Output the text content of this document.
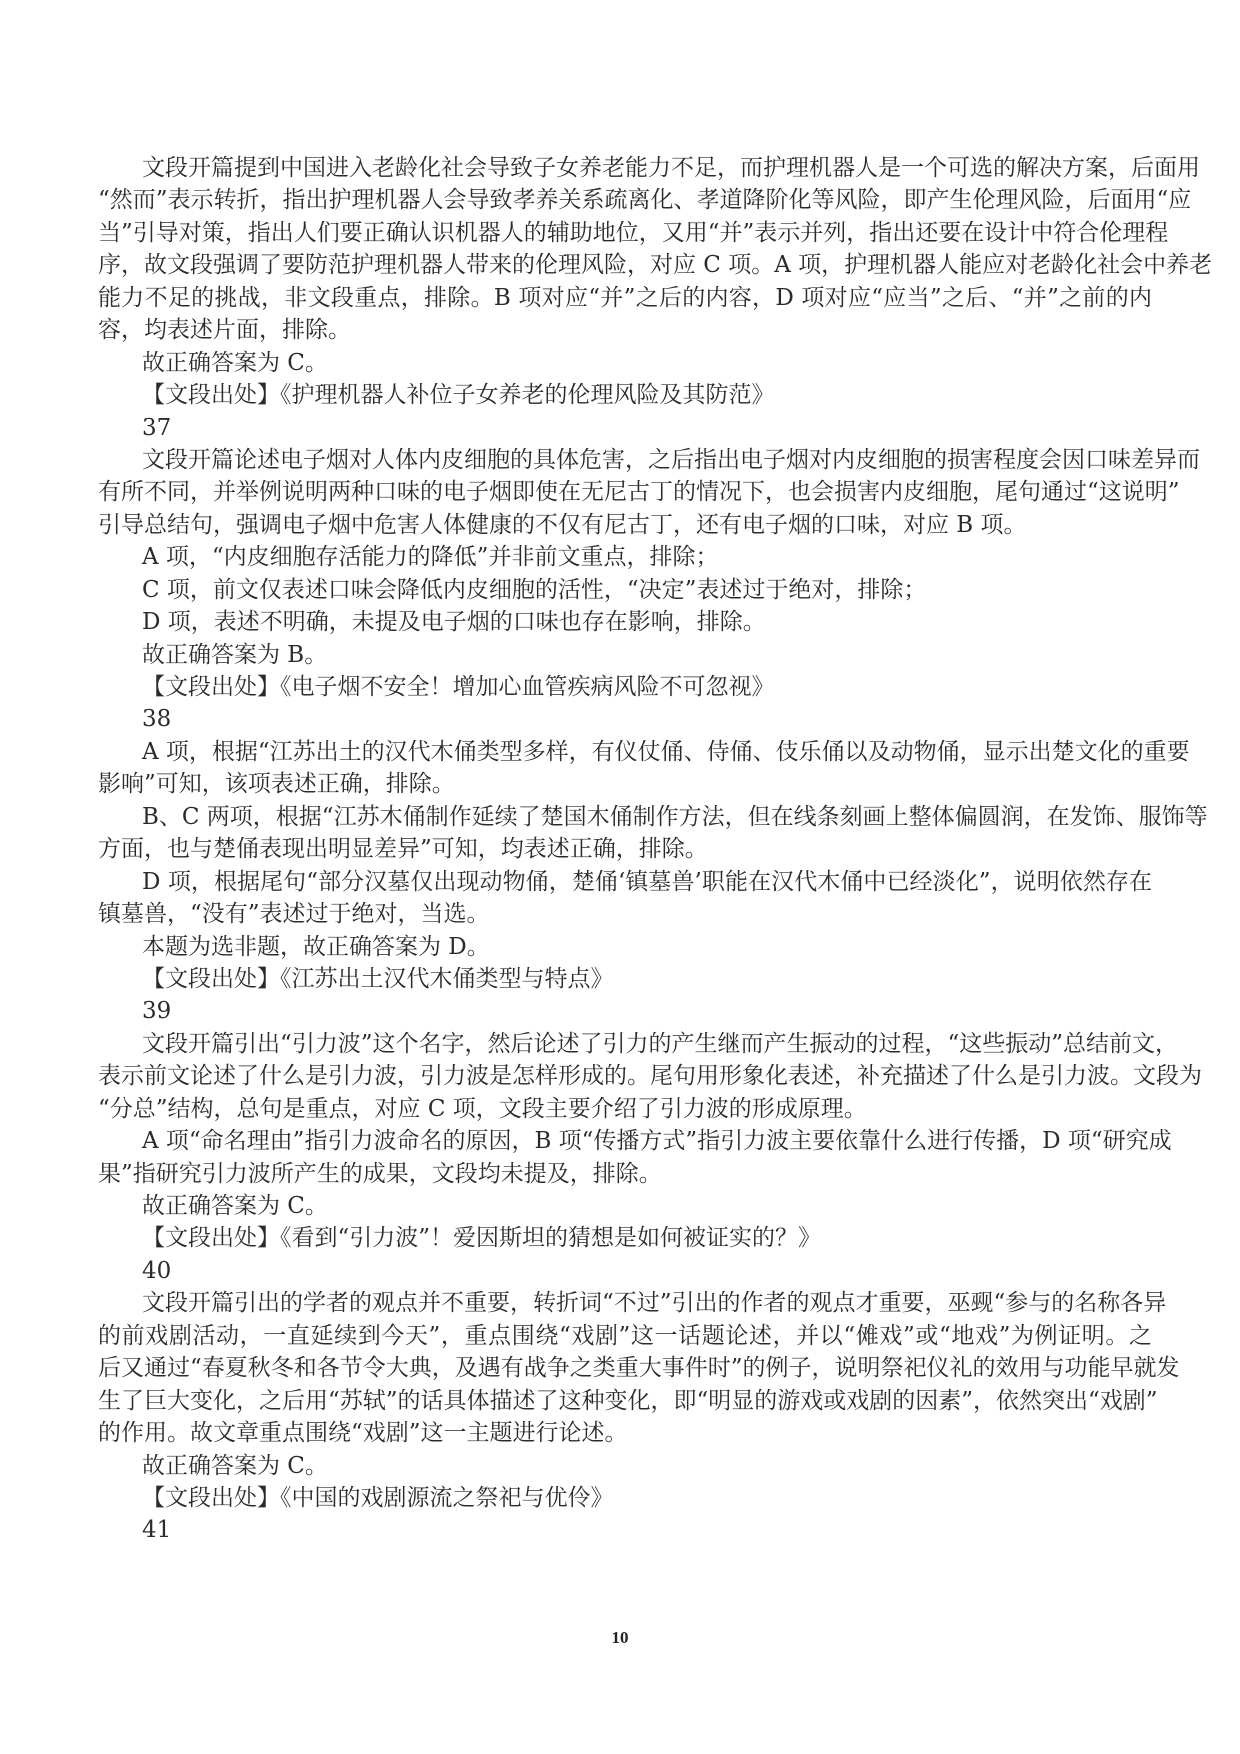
文段开篇提到中国进入老龄化社会导致子女养老能力不足，而护理机器人是一个可选的解决方案，后面用
“然而”表示转折，指出护理机器人会导致孝养关系疏离化、孝道降阶化等风险，即产生伦理风险，后面用“应
当”引导对策，指出人们要正确认识机器人的辅助地位，又用“并”表示并列，指出还要在设计中符合伦理程
序，故文段强调了要防范护理机器人带来的伦理风险，对应 C 项。A 项，护理机器人能应对老龄化社会中养老
能力不足的挑战，非文段重点，排除。B 项对应“并”之后的内容，D 项对应“应当”之后、“并”之前的内
容，均表述片面，排除。
故正确答案为 C。
【文段出处】《护理机器人补位子女养老的伦理风险及其防范》
37
文段开篇论述电子烟对人体内皮细胞的具体危害，之后指出电子烟对内皮细胞的损害程度会因口味差异而
有所不同，并举例说明两种口味的电子烟即使在无尼古丁的情况下，也会损害内皮细胞，尾句通过“这说明”
引导总结句，强调电子烟中危害人体健康的不仅有尼古丁，还有电子烟的口味，对应 B 项。
A 项，“内皮细胞存活能力的降低”并非前文重点，排除；
C 项，前文仅表述口味会降低内皮细胞的活性，“决定”表述过于绝对，排除；
D 项，表述不明确，未提及电子烟的口味也存在影响，排除。
故正确答案为 B。
【文段出处】《电子烟不安全！增加心血管疾病风险不可忽视》
38
A 项，根据“江苏出土的汉代木俑类型多样，有仪仗俑、侍俑、伎乐俑以及动物俑，显示出楚文化的重要
影响”可知，该项表述正确，排除。
B、C 两项，根据“江苏木俑制作延续了楚国木俑制作方法，但在线条刻画上整体偏圆润，在发饰、服饰等
方面，也与楚俑表现出明显差异”可知，均表述正确，排除。
D 项，根据尾句“部分汉墓仅出现动物俑，楚俑‘镇墓兽’职能在汉代木俑中已经淡化”，说明依然存在
镇墓兽，“没有”表述过于绝对，当选。
本题为选非题，故正确答案为 D。
【文段出处】《江苏出土汉代木俑类型与特点》
39
文段开篇引出“引力波”这个名字，然后论述了引力的产生继而产生振动的过程，“这些振动”总结前文，
表示前文论述了什么是引力波，引力波是怎样形成的。尾句用形象化表述，补充描述了什么是引力波。文段为
“分总”结构，总句是重点，对应 C 项，文段主要介绍了引力波的形成原理。
A 项“命名理由”指引力波命名的原因，B 项“传播方式”指引力波主要依靠什么进行传播，D 项“研究成
果”指研究引力波所产生的成果，文段均未提及，排除。
故正确答案为 C。
【文段出处】《看到“引力波”！爱因斯坦的猜想是如何被证实的？》
40
文段开篇引出的学者的观点并不重要，转折词“不过”引出的作者的观点才重要，巫觋“参与的名称各异
的前戏剧活动，一直延续到今天”，重点围绕“戏剧”这一话题论述，并以“傩戏”或“地戏”为例证明。之
后又通过“春夏秋冬和各节令大典，及遇有战争之类重大事件时”的例子，说明祭祀仪礼的效用与功能早就发
生了巨大变化，之后用“苏轼”的话具体描述了这种变化，即“明显的游戏或戏剧的因素”，依然突出“戏剧”
的作用。故文章重点围绕“戏剧”这一主题进行论述。
故正确答案为 C。
【文段出处】《中国的戏剧源流之祭祀与优伶》
41
10
